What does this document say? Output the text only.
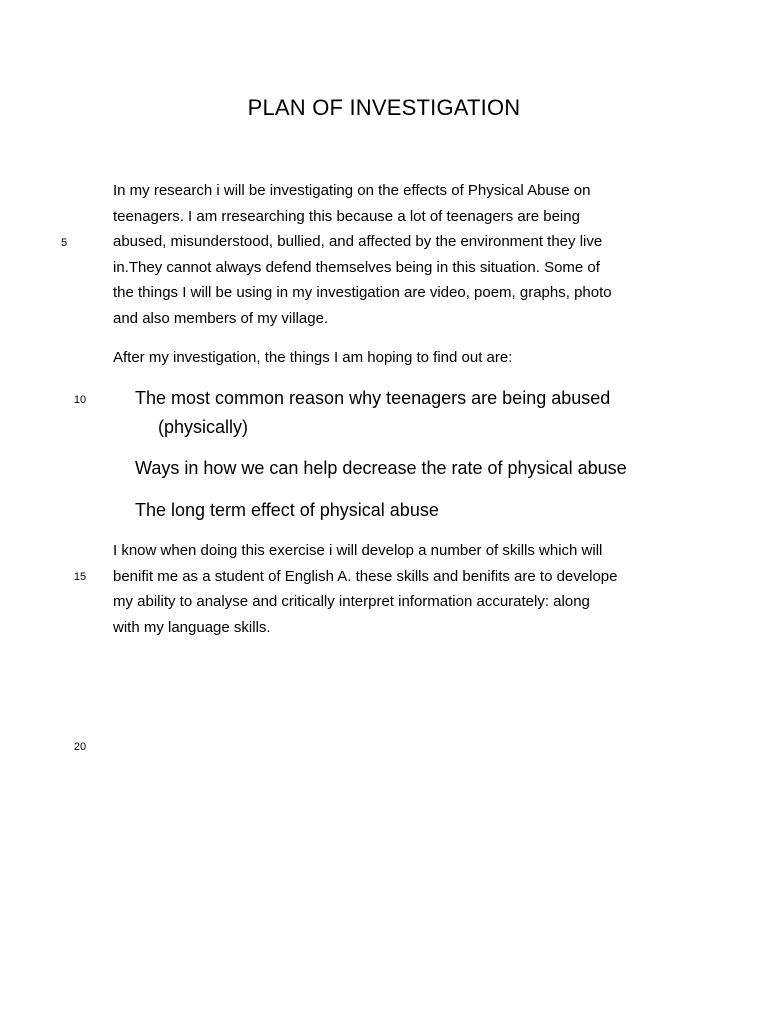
PLAN OF INVESTIGATION
In my research i will be investigating on the effects of Physical Abuse on
teenagers. I am rresearching this because a lot of teenagers are being
abused, misunderstood, bullied, and affected by the environment they live
in.They cannot always defend themselves being in this situation. Some of
the things I will be using in my investigation are video, poem, graphs, photo
and also members of my village.
After my investigation, the things I am hoping to find out are:
The most common reason why teenagers are being abused
(physically)
Ways in how we can help decrease the rate of physical abuse
The long term effect of physical abuse
I know when doing this exercise i will develop a number of skills which will
benifit me as a student of English A. these skills and benifits are to develope
my ability to analyse and critically interpret information accurately: along
with my language skills.
5
10
15
20
